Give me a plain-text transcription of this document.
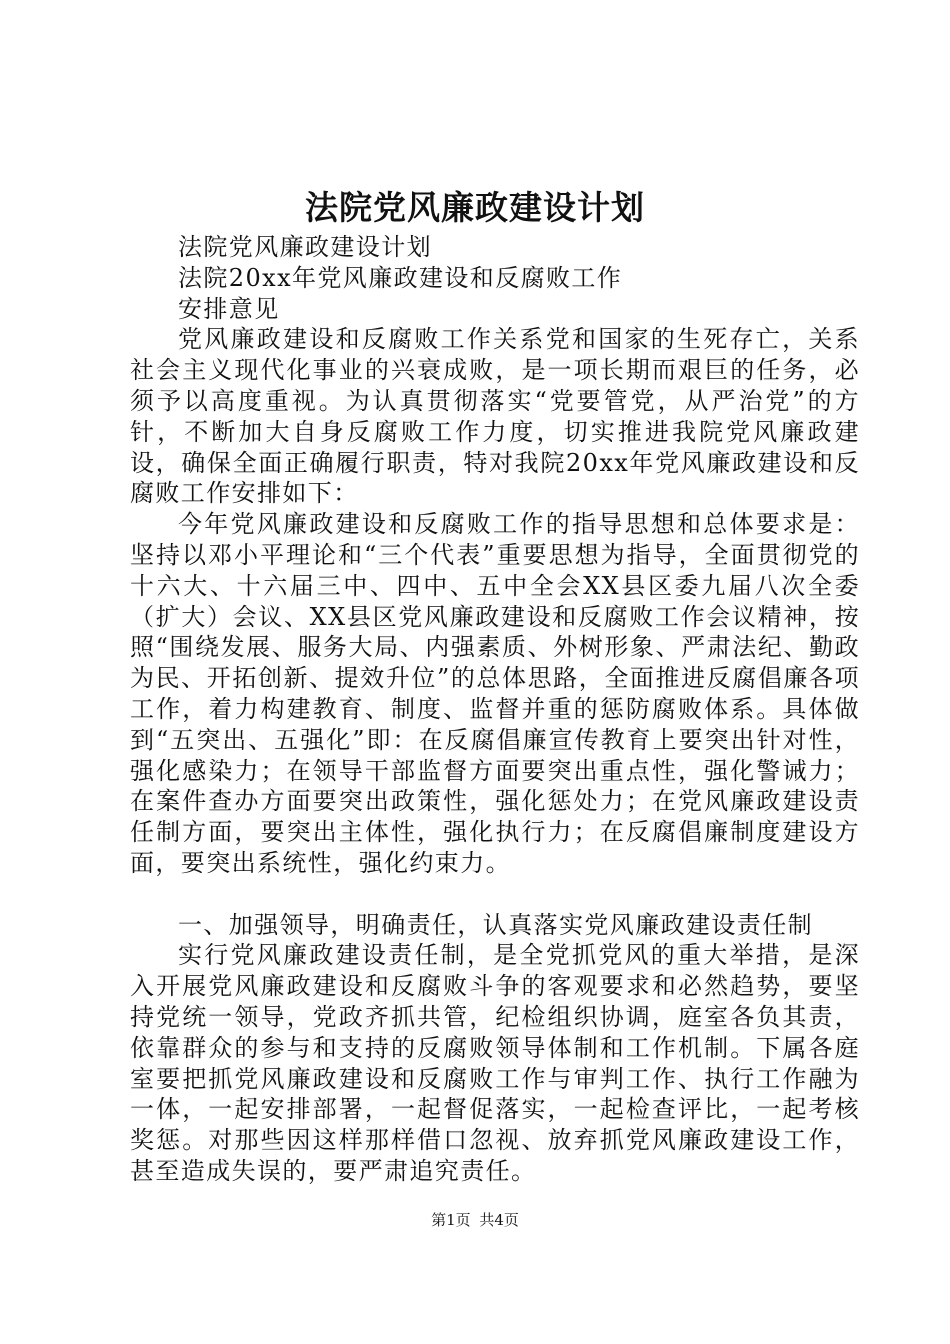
法院党风廉政建设计划

法院党风廉政建设计划

法院20xx年党风廉政建设和反腐败工作

安排意见

党风廉政建设和反腐败工作关系党和国家的生死存亡，关系社会主义现代化事业的兴衰成败，是一项长期而艰巨的任务，必须予以高度重视。为认真贯彻落实“党要管党，从严治党”的方针，不断加大自身反腐败工作力度，切实推进我院党风廉政建设，确保全面正确履行职责，特对我院20xx年党风廉政建设和反腐败工作安排如下：

今年党风廉政建设和反腐败工作的指导思想和总体要求是：坚持以邓小平理论和“三个代表”重要思想为指导，全面贯彻党的十六大、十六届三中、四中、五中全会XX县区委九届八次全委（扩大）会议、XX县区党风廉政建设和反腐败工作会议精神，按照“围绕发展、服务大局、内强素质、外树形象、严肃法纪、勤政为民、开拓创新、提效升位”的总体思路，全面推进反腐倡廉各项工作，着力构建教育、制度、监督并重的惩防腐败体系。具体做到“五突出、五强化”即：在反腐倡廉宣传教育上要突出针对性，强化感染力；在领导干部监督方面要突出重点性，强化警诫力；在案件查办方面要突出政策性，强化惩处力；在党风廉政建设责任制方面，要突出主体性，强化执行力；在反腐倡廉制度建设方面，要突出系统性，强化约束力。

一、加强领导，明确责任，认真落实党风廉政建设责任制

实行党风廉政建设责任制，是全党抓党风的重大举措，是深入开展党风廉政建设和反腐败斗争的客观要求和必然趋势，要坚持党统一领导，党政齐抓共管，纪检组织协调，庭室各负其责，依靠群众的参与和支持的反腐败领导体制和工作机制。下属各庭室要把抓党风廉政建设和反腐败工作与审判工作、执行工作融为一体，一起安排部署，一起督促落实，一起检查评比，一起考核奖惩。对那些因这样那样借口忽视、放弃抓党风廉政建设工作，甚至造成失误的，要严肃追究责任。

第1页 共4页
